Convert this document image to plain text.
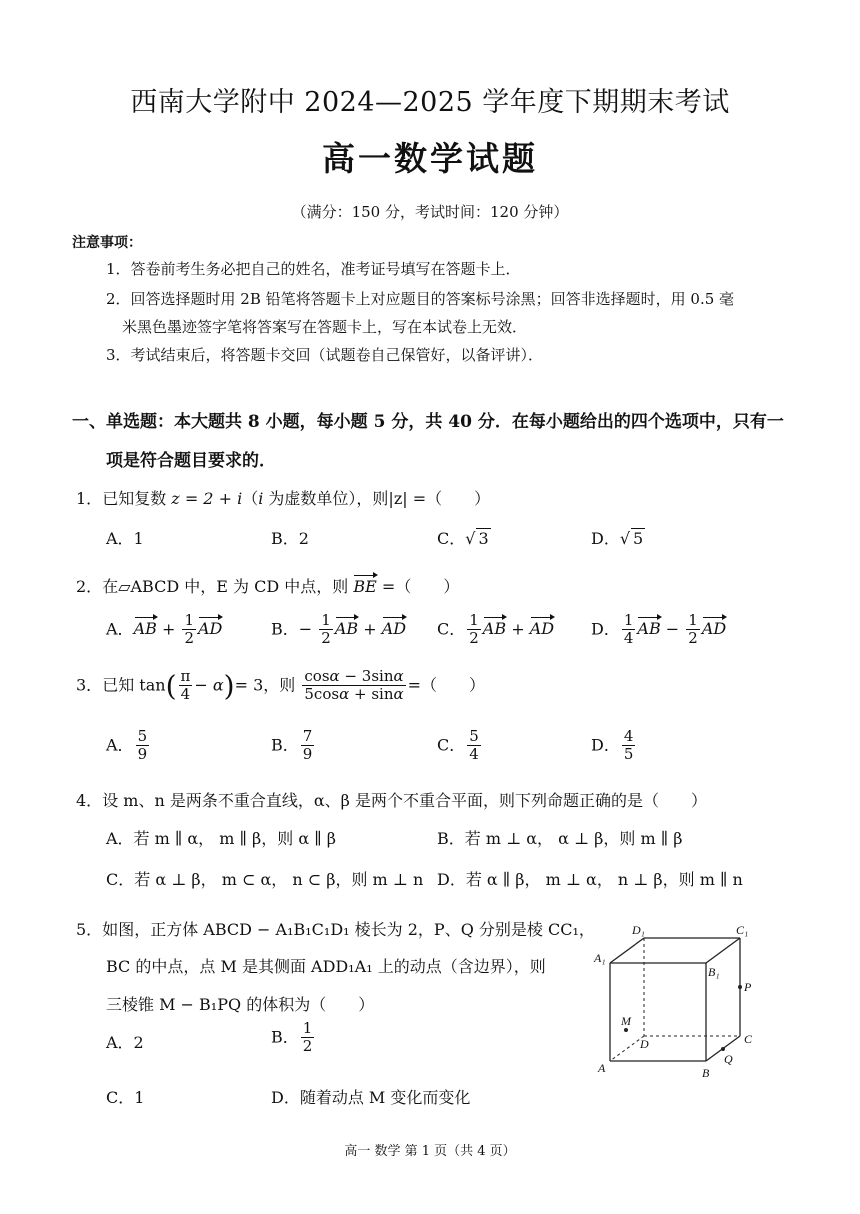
西南大学附中 2024—2025 学年度下期期末考试
高一数学试题
（满分：150 分，考试时间：120 分钟）
注意事项：
1．答卷前考生务必把自己的姓名，准考证号填写在答题卡上．
2．回答选择题时用 2B 铅笔将答题卡上对应题目的答案标号涂黑；回答非选择题时，用 0.5 毫
米黑色墨迹签字笔将答案写在答题卡上，写在本试卷上无效．
3．考试结束后，将答题卡交回（试题卷自己保管好，以备评讲）．
一、单选题：本大题共 8 小题，每小题 5 分，共 40 分．在每小题给出的四个选项中，只有一
项是符合题目要求的．
1．已知复数 z = 2 + i（i 为虚数单位），则|z| =（　　）
A．1	B．2	C．√ 3	D．√ 5
2．在▱ABCD 中，E 为 CD 中点，则 BE =（　　）
A．AB + $\frac{1}{2}$ AD	B．− $\frac{1}{2}$ AB + AD C． $\frac{1}{2}$ AB + AD D． $\frac{1}{4}$ AB − $\frac{1}{2}$ AD
3．已知 $\tan( \frac{\pi}{4} - \alpha)= 3$，则 $\frac{\cos\alpha - 3\sin\alpha}{5\cos\alpha + \sin\alpha}$ =（　　）
A． $\frac{5}{9}$	B． $\frac{7}{9}$	C． $\frac{5}{4}$	D． $\frac{4}{5}$
4．设 m、n 是两条不重合直线，α、β 是两个不重合平面，则下列命题正确的是（　　）
A．若 m ∥ α， m ∥ β，则 α ∥ β	B．若 m ⊥ α， α ⊥ β，则 m ∥ β
C．若 α ⊥ β， m ⊂ α， n ⊂ β，则 m ⊥ n D．若 α ∥ β， m ⊥ α， n ⊥ β，则 m ∥ n
5．如图，正方体 ABCD − A₁B₁C₁D₁ 棱长为 2，P、Q 分别是棱 CC₁，
BC 的中点，点 M 是其侧面 ADD₁A₁ 上的动点（含边界），则
三棱锥 M − B₁PQ 的体积为（　　）
A．2	B． $\frac{1}{2}$
C．1	D．随着动点 M 变化而变化
D₁	C₁
A₁
B₁
P
M
D	C
A
Q
B
高一 数学 第 1 页（共 4 页）
